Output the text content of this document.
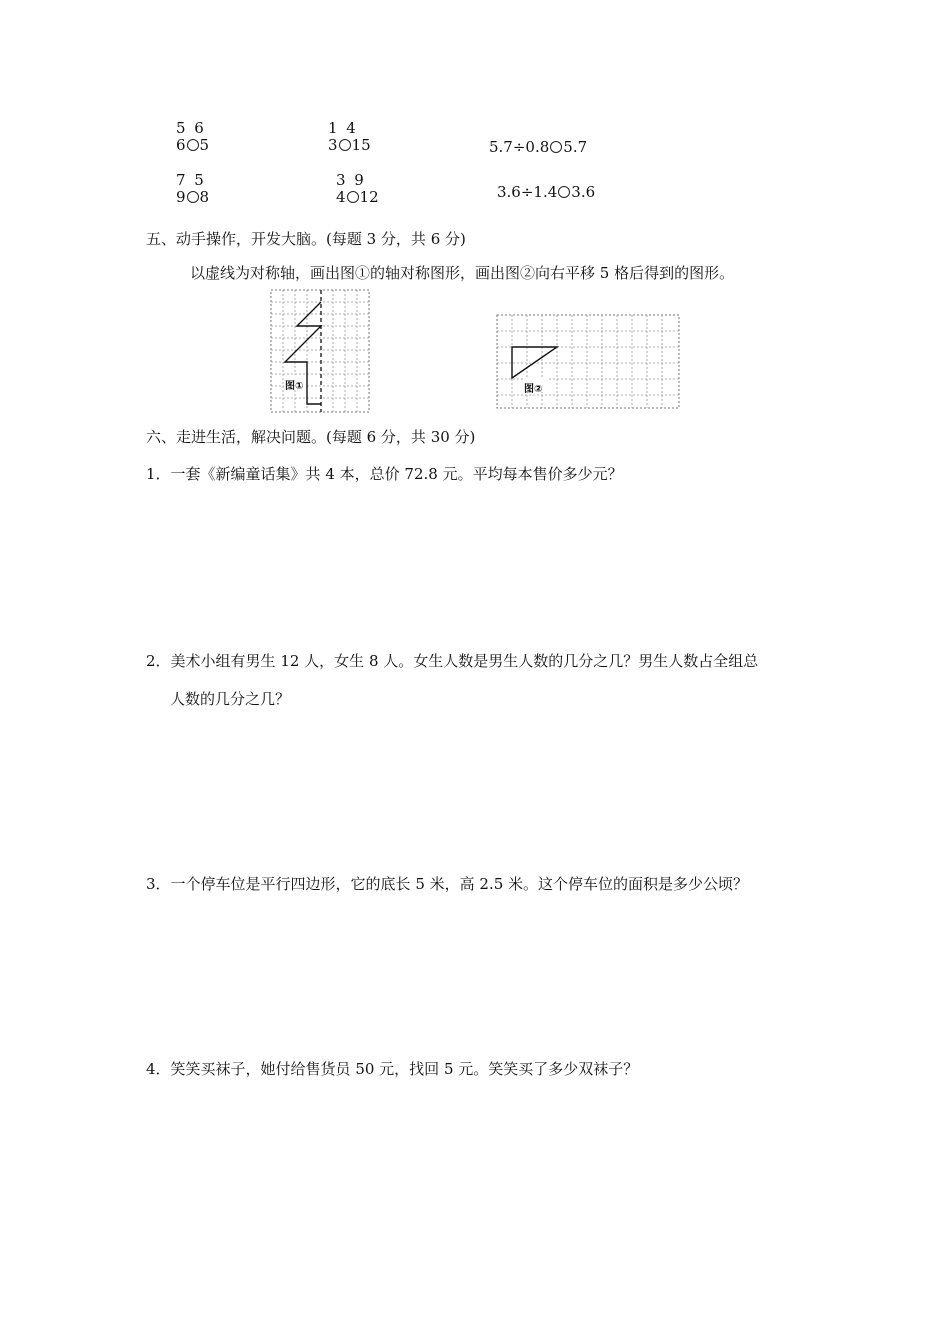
5 6
6 5
1 4
3 15	5.7÷0.8 5.7
7 5
9 8
3 9
4 12	3.6÷1.4 3.6
五、动手操作，开发大脑。(每题 3 分，共 6 分)
以虚线为对称轴，画出图①的轴对称图形，画出图②向右平移 5 格后得到的图形。
图①	图②
六、走进生活，解决问题。(每题 6 分，共 30 分)
1．一套《新编童话集》共 4 本，总价 72.8 元。平均每本售价多少元？
2．美术小组有男生 12 人，女生 8 人。女生人数是男生人数的几分之几？男生人数占全组总
人数的几分之几？
3．一个停车位是平行四边形，它的底长 5 米，高 2.5 米。这个停车位的面积是多少公顷？
4．笑笑买袜子，她付给售货员 50 元，找回 5 元。笑笑买了多少双袜子？
